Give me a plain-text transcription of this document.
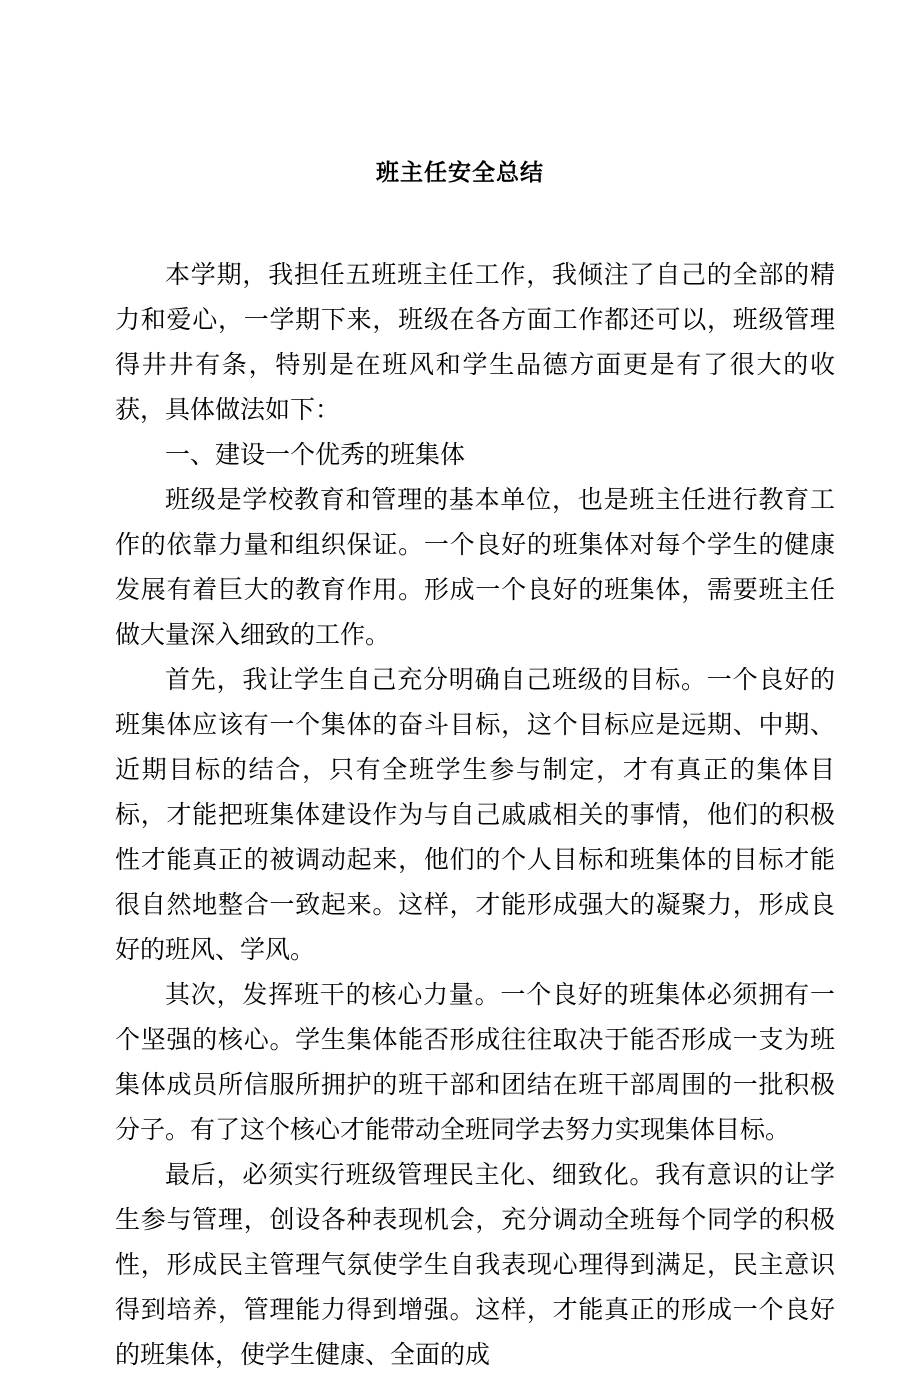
班主任安全总结

本学期，我担任五班班主任工作，我倾注了自己的全部的精力和爱心，一学期下来，班级在各方面工作都还可以，班级管理得井井有条，特别是在班风和学生品德方面更是有了很大的收获，具体做法如下：

一、建设一个优秀的班集体

班级是学校教育和管理的基本单位，也是班主任进行教育工作的依靠力量和组织保证。一个良好的班集体对每个学生的健康发展有着巨大的教育作用。形成一个良好的班集体，需要班主任做大量深入细致的工作。

首先，我让学生自己充分明确自己班级的目标。一个良好的班集体应该有一个集体的奋斗目标，这个目标应是远期、中期、近期目标的结合，只有全班学生参与制定，才有真正的集体目标，才能把班集体建设作为与自己戚戚相关的事情，他们的积极性才能真正的被调动起来，他们的个人目标和班集体的目标才能很自然地整合一致起来。这样，才能形成强大的凝聚力，形成良好的班风、学风。

其次，发挥班干的核心力量。一个良好的班集体必须拥有一个坚强的核心。学生集体能否形成往往取决于能否形成一支为班集体成员所信服所拥护的班干部和团结在班干部周围的一批积极分子。有了这个核心才能带动全班同学去努力实现集体目标。

最后，必须实行班级管理民主化、细致化。我有意识的让学生参与管理，创设各种表现机会，充分调动全班每个同学的积极性，形成民主管理气氛使学生自我表现心理得到满足，民主意识得到培养，管理能力得到增强。这样，才能真正的形成一个良好的班集体，使学生健康、全面的成
